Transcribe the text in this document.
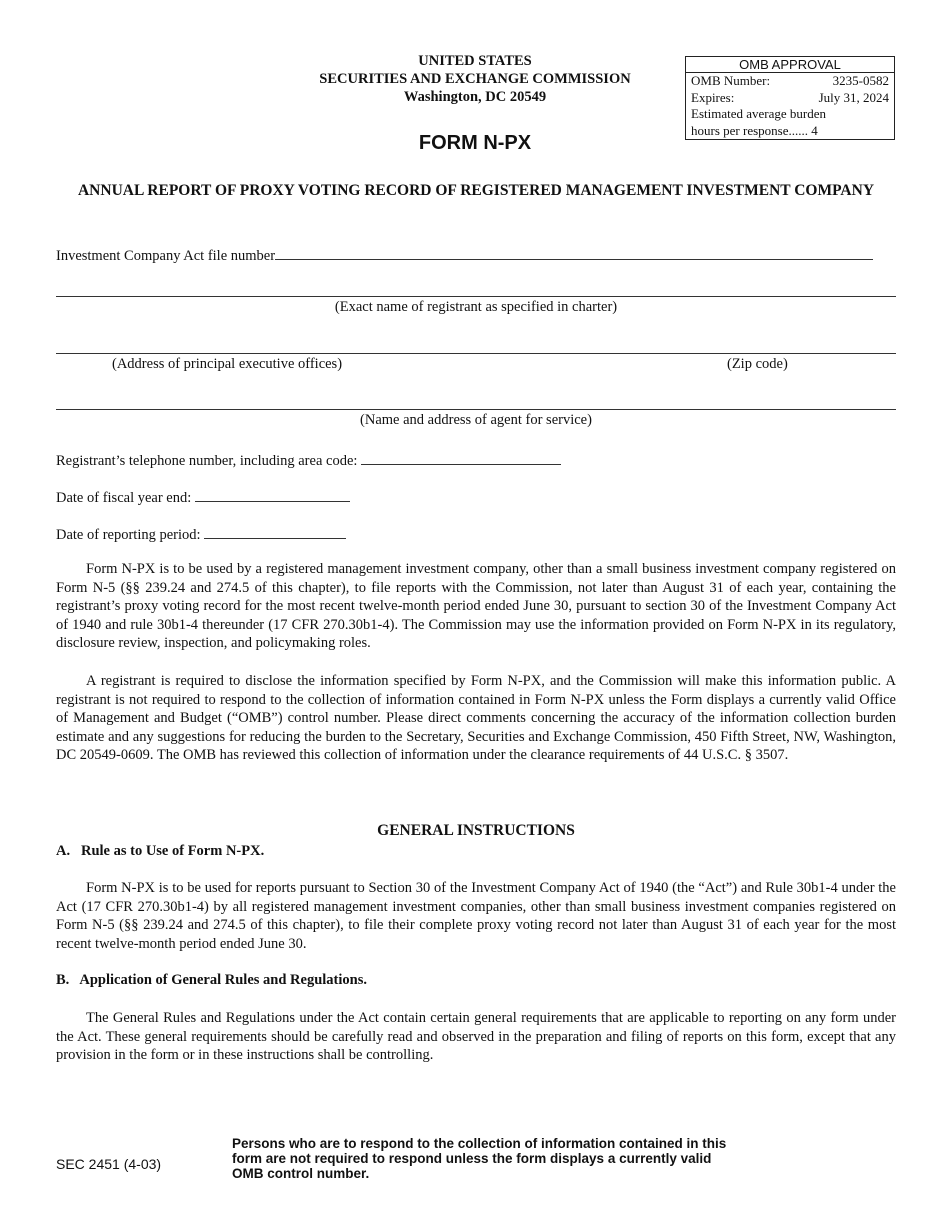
UNITED STATES
SECURITIES AND EXCHANGE COMMISSION
Washington, DC 20549
OMB APPROVAL
OMB Number:	3235-0582
Expires:	July 31, 2024
Estimated average burden
hours per response...... 4
FORM N-PX
ANNUAL REPORT OF PROXY VOTING RECORD OF REGISTERED MANAGEMENT INVESTMENT COMPANY
Investment Company Act file number
(Exact name of registrant as specified in charter)
(Address of principal executive offices)	(Zip code)
(Name and address of agent for service)
Registrant’s telephone number, including area code:
Date of fiscal year end:
Date of reporting period:

Form N-PX is to be used by a registered management investment company, other than a small business investment company registered on Form N-5 (§§ 239.24 and 274.5 of this chapter), to file reports with the Commission, not later than August 31 of each year, containing the registrant’s proxy voting record for the most recent twelve-month period ended June 30, pursuant to section 30 of the Investment Company Act of 1940 and rule 30b1-4 thereunder (17 CFR 270.30b1-4). The Commission may use the information provided on Form N-PX in its regulatory, disclosure review, inspection, and policymaking roles.

A registrant is required to disclose the information specified by Form N-PX, and the Commission will make this information public. A registrant is not required to respond to the collection of information contained in Form N-PX unless the Form displays a currently valid Office of Management and Budget (“OMB”) control number. Please direct comments concerning the accuracy of the information collection burden estimate and any suggestions for reducing the burden to the Secretary, Securities and Exchange Commission, 450 Fifth Street, NW, Washington, DC 20549-0609. The OMB has reviewed this collection of information under the clearance requirements of 44 U.S.C. § 3507.

GENERAL INSTRUCTIONS
A.   Rule as to Use of Form N-PX.

Form N-PX is to be used for reports pursuant to Section 30 of the Investment Company Act of 1940 (the “Act”) and Rule 30b1-4 under the Act (17 CFR 270.30b1-4) by all registered management investment companies, other than small business investment companies registered on Form N-5 (§§ 239.24 and 274.5 of this chapter), to file their complete proxy voting record not later than August 31 of each year for the most recent twelve-month period ended June 30.

B.   Application of General Rules and Regulations.

The General Rules and Regulations under the Act contain certain general requirements that are applicable to reporting on any form under the Act. These general requirements should be carefully read and observed in the preparation and filing of reports on this form, except that any provision in the form or in these instructions shall be controlling.

SEC 2451 (4-03)
Persons who are to respond to the collection of information contained in this form are not required to respond unless the form displays a currently valid OMB control number.
